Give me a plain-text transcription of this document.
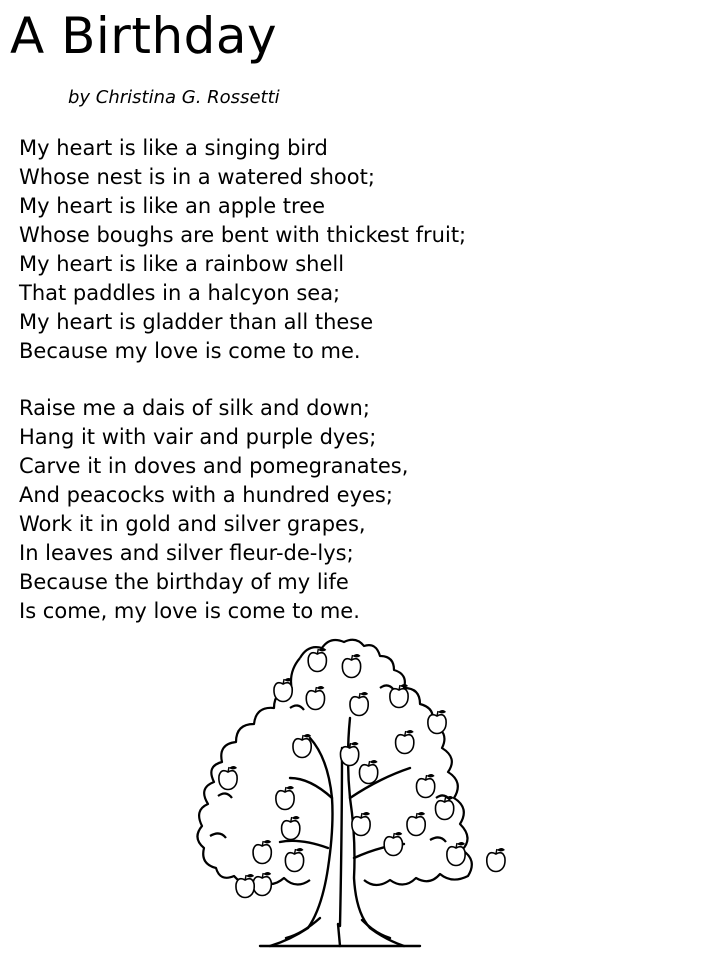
A Birthday
by Christina G. Rossetti
My heart is like a singing bird
Whose nest is in a watered shoot;
My heart is like an apple tree
Whose boughs are bent with thickest fruit;
My heart is like a rainbow shell
That paddles in a halcyon sea;
My heart is gladder than all these
Because my love is come to me.
Raise me a dais of silk and down;
Hang it with vair and purple dyes;
Carve it in doves and pomegranates,
And peacocks with a hundred eyes;
Work it in gold and silver grapes,
In leaves and silver fleur-de-lys;
Because the birthday of my life
Is come, my love is come to me.
